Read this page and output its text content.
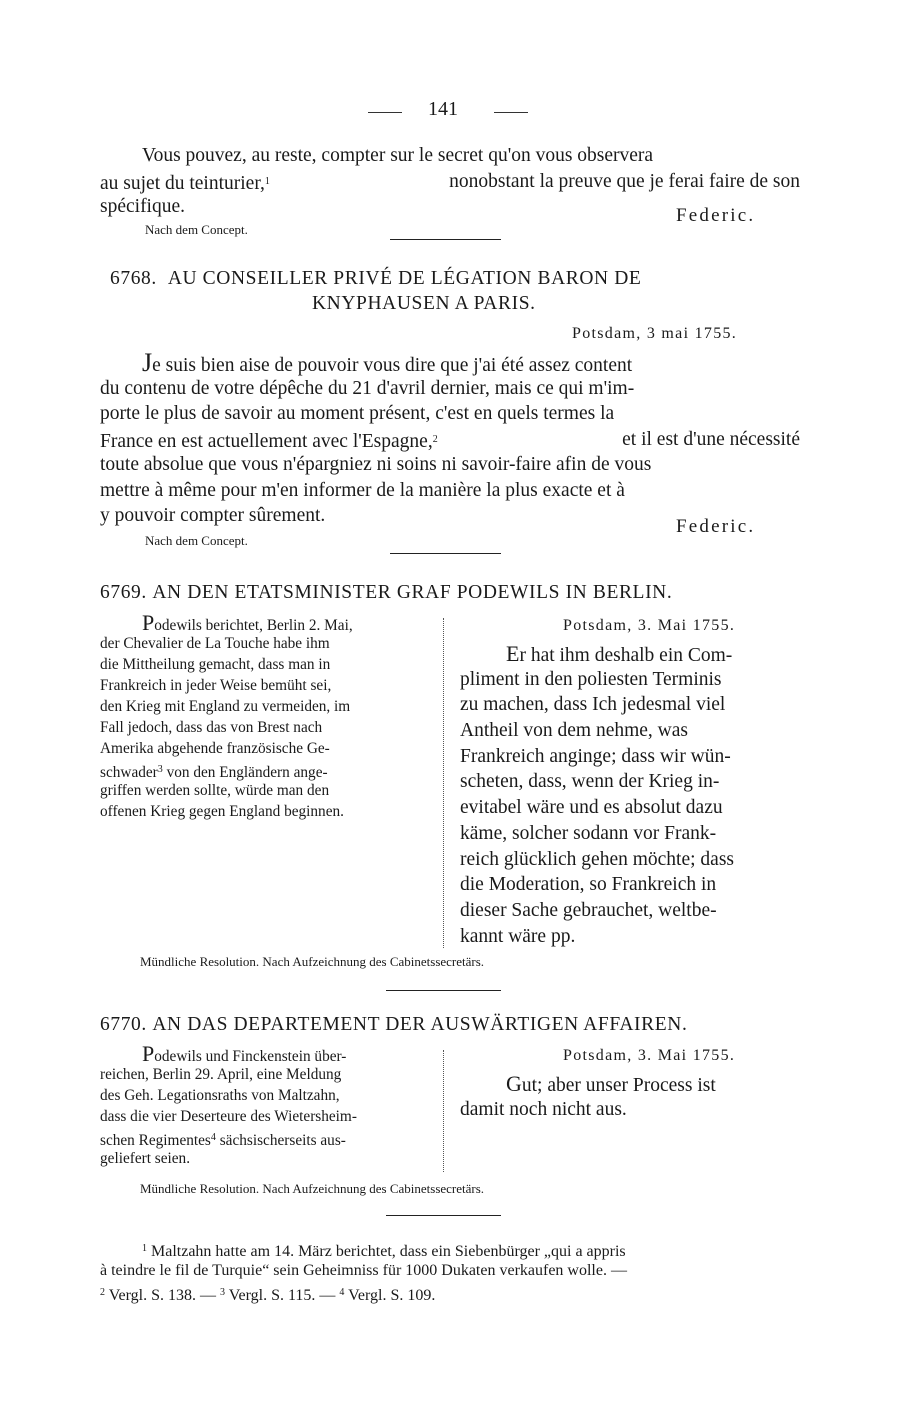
141
Vous pouvez, au reste, compter sur le secret qu'on vous observera
au sujet du teinturier,$^1$	nonobstant la preuve que je ferai faire de son
spécifique.	Federic.
Nach dem Concept.
6768. AU CONSEILLER PRIVÉ DE LÉGATION BARON DE
KNYPHAUSEN A PARIS.
Potsdam, 3 mai 1755.
Je suis bien aise de pouvoir vous dire que j'ai été assez content
du contenu de votre dépêche du 21 d'avril dernier, mais ce qui m'im-
porte le plus de savoir au moment présent, c'est en quels termes la
France en est actuellement avec l'Espagne,$^2$	et il est d'une nécessité
toute absolue que vous n'épargniez ni soins ni savoir-faire afin de vous
mettre à même pour m'en informer de la manière la plus exacte et à
y pouvoir compter sûrement.
Federic.
Nach dem Concept.
6769. AN DEN ETATSMINISTER GRAF PODEWILS IN BERLIN.
Podewils berichtet, Berlin 2. Mai,
der Chevalier de La Touche habe ihm
die Mittheilung gemacht, dass man in
Frankreich in jeder Weise bemüht sei,
den Krieg mit England zu vermeiden, im
Fall jedoch, dass das von Brest nach
Amerika abgehende französische Ge-
schwader$^3$ von den Engländern ange-
griffen werden sollte, würde man den
offenen Krieg gegen England beginnen.
Potsdam, 3. Mai 1755.
Er hat ihm deshalb ein Com-
pliment in den poliesten Terminis
zu machen, dass Ich jedesmal viel
Antheil von dem nehme, was
Frankreich anginge; dass wir wün-
scheten, dass, wenn der Krieg in-
evitabel wäre und es absolut dazu
käme, solcher sodann vor Frank-
reich glücklich gehen möchte; dass
die Moderation, so Frankreich in
dieser Sache gebrauchet, weltbe-
kannt wäre pp.
Mündliche Resolution. Nach Aufzeichnung des Cabinetssecretärs.
6770. AN DAS DEPARTEMENT DER AUSWÄRTIGEN AFFAIREN.
Podewils und Finckenstein über-
reichen, Berlin 29. April, eine Meldung
des Geh. Legationsraths von Maltzahn,
dass die vier Deserteure des Wietersheim-
schen Regimentes$^4$ sächsischerseits aus-
geliefert seien.
Potsdam, 3. Mai 1755.
Gut; aber unser Process ist
damit noch nicht aus.
Mündliche Resolution. Nach Aufzeichnung des Cabinetssecretärs.
$^1$ Maltzahn hatte am 14. März berichtet, dass ein Siebenbürger „qui a appris
à teindre le fil de Turquie“ sein Geheimniss für 1000 Dukaten verkaufen wolle. —
$^2$ Vergl. S. 138. — $^3$ Vergl. S. 115. — $^4$ Vergl. S. 109.
